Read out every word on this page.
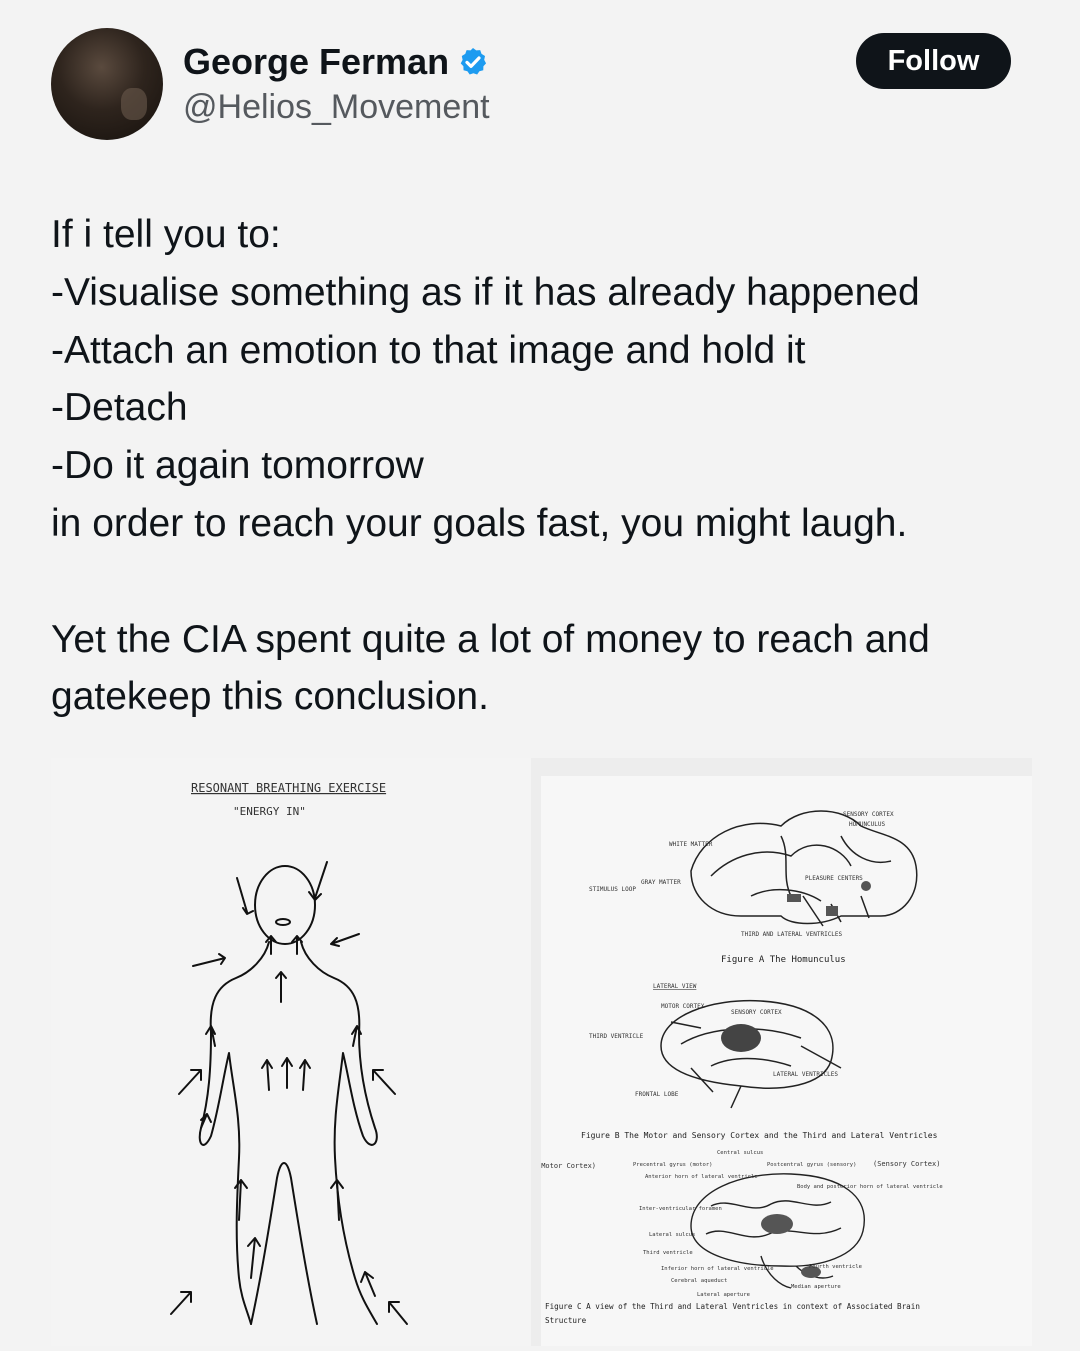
George Ferman
@Helios_Movement
Follow
If i tell you to:
-Visualise something as if it has already happened
-Attach an emotion to that image and hold it
-Detach
-Do it again tomorrow
in order to reach your goals fast, you might laugh.
Yet the CIA spent quite a lot of money to reach and
gatekeep this conclusion.
RESONANT BREATHING EXERCISE
"ENERGY IN"	SENSORY CORTEX
HOMUNCULUS
STIMULUS LOOP
GRAY MATTER
WHITE MATTER
PLEASURE CENTERS
THIRD AND LATERAL VENTRICLES
Figure A The Homunculus
LATERAL VIEW
MOTOR CORTEX
SENSORY CORTEX
THIRD VENTRICLE
LATERAL VENTRICLES
FRONTAL LOBE
Figure B The Motor and Sensory Cortex and the Third and Lateral Ventricles
Central sulcus
(Motor Cortex)	Precentral gyrus (motor)	Postcentral gyrus (sensory) (Sensory Cortex)
Anterior horn of lateral ventricle
Body and posterior horn of lateral ventricle
Inter-ventricular foramen
Lateral sulcus
Third ventricle
Inferior horn of lateral ventricle
Cerebral aqueduct
Fourth ventricle
Median aperture
Lateral aperture
Figure C A view of the Third and Lateral Ventricles in context of Associated Brain
Structure
